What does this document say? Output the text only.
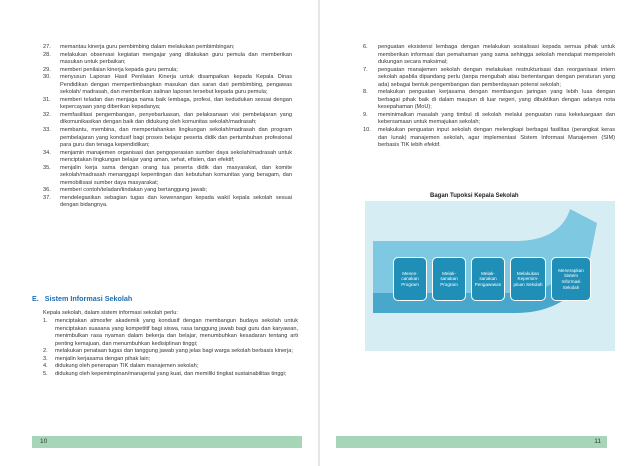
27. memantau kinerja guru pembimbing dalam melakukan pembimbingan;
28. melakukan observasi kegiatan mengajar yang dilakukan guru pemula dan memberikan masukan untuk perbaikan;
29. memberi penilaian kinerja kepada guru pemula;
30. menyusun Laporan Hasil Penilaian Kinerja untuk disampaikan kepada Kepala Dinas Pendidikan dengan mempertimbangkan masukan dan saran dari pembimbing, pengawas sekolah/ madrasah, dan memberikan salinan laporan tersebut kepada guru pemula;
31. memberi teladan dan menjaga nama baik lembaga, profesi, dan kedudukan sesuai dengan kepercayaan yang diberikan kepadanya;
32. memfasilitasi pengembangan, penyebarluasan, dan pelaksanaan visi pembelajaran yang dikomunikasikan dengan baik dan didukung oleh komunitas sekolah/madrasah;
33. membantu, membina, dan mempertahankan lingkungan sekolah/madrasah dan program pembelajaran yang kondusif bagi proses belajar peserta didik dan pertumbuhan profesional para guru dan tenaga kependidikan;
34. menjamin manajemen organisasi dan pengoperasian sumber daya sekolah/madrasah untuk menciptakan lingkungan belajar yang aman, sehat, efisien, dan efektif;
35. menjalin kerja sama dengan orang tua peserta didik dan masyarakat, dan komite sekolah/madrasah menanggapi kepentingan dan kebutuhan komunitas yang beragam, dan memobilisasi sumber daya masyarakat;
36. memberi contoh/teladan/tindakan yang bertanggung jawab;
37. mendelegasikan sebagian tugas dan kewenangan kepada wakil kepala sekolah sesuai dengan bidangnya.
E. Sistem Informasi Sekolah
Kepala sekolah, dalam sistem informasi sekolah perlu:
1. menciptakan atmosfer akademik yang kondusif dengan membangun budaya sekolah untuk menciptakan suasana yang kompetitif bagi siswa, rasa tanggung jawab bagi guru dan karyawan, menimbulkan rasa nyaman dalam bekerja dan belajar, menumbuhkan kesadaran tentang arti penting kemajuan, dan menumbuhkan kedisiplinan tinggi;
2. melakukan penataan tugas dan tanggung jawab yang jelas bagi warga sekolah berbasis kinerja;
3. menjalin kerjasama dengan pihak lain;
4. didukung oleh penerapan TIK dalam manajemen sekolah;
5. didukung oleh kepemimpinan/manajerial yang kuat, dan memiliki tingkat sustainabilitas tinggi;
10
6. penguatan eksistensi lembaga dengan melakukan sosialisasi kepada semua pihak untuk memberikan informasi dan pemahaman yang sama sehingga sekolah mendapat memperoleh dukungan secara maksimal;
7. penguatan manajemen sekolah dengan melakukan restrukturisasi dan reorganisasi intern sekolah apabila dipandang perlu (tanpa mengubah atau bertentangan dengan peraturan yang ada) sebagai bentuk pengembangan dan pemberdayaan potensi sekolah;
8. melakukan penguatan kerjasama dengan membangun jaringan yang lebih luas dengan berbagai pihak baik di dalam maupun di luar negeri, yang dibuktikan dengan adanya nota kesepahaman (MoU);
9. meminimalkan masalah yang timbul di sekolah melalui penguatan rasa kekeluargaan dan kebersamaan untuk memajukan sekolah;
10. melakukan penguatan input sekolah dengan melengkapi berbagai fasilitas (perangkat keras dan lunak) manajemen sekolah, agar implementasi Sistem Informasi Manajemen (SIM) berbasis TIK lebih efektif.
Bagan Tupoksi Kepala Sekolah
Menen-canakan Program
Melak-sanakan Program
Melak-sanakan Pengawasan
Melakukan Kepemim-pinan Sekolah
Menerapkan Sistem Informasi Sekolah
11
